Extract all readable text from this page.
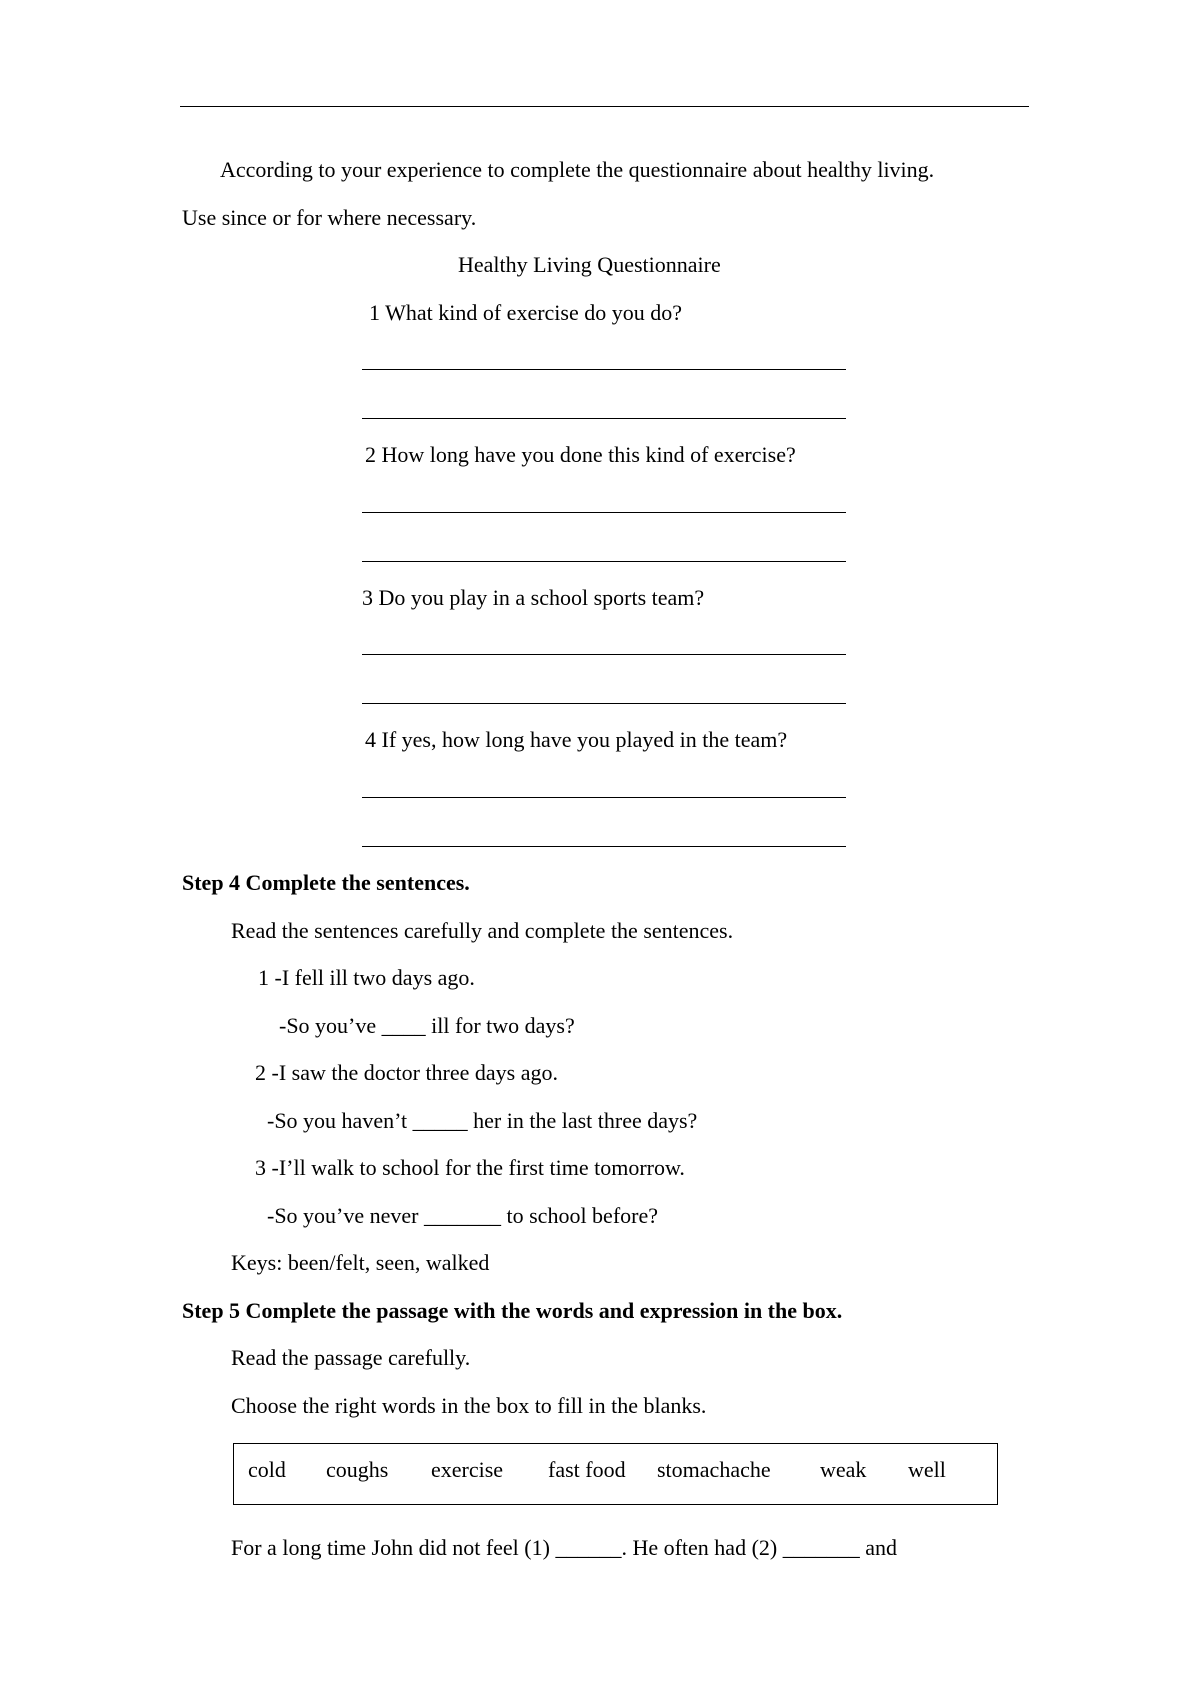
According to your experience to complete the questionnaire about healthy living.
Use since or for where necessary.
Healthy Living Questionnaire
1 What kind of exercise do you do?
2 How long have you done this kind of exercise?
3 Do you play in a school sports team?
4 If yes, how long have you played in the team?
Step 4 Complete the sentences.
Read the sentences carefully and complete the sentences.
1 -I fell ill two days ago.
-So you’ve ____ ill for two days?
2 -I saw the doctor three days ago.
-So you haven’t _____ her in the last three days?
3 -I’ll walk to school for the first time tomorrow.
-So you’ve never _______ to school before?
Keys: been/felt, seen, walked
Step 5 Complete the passage with the words and expression in the box.
Read the passage carefully.
Choose the right words in the box to fill in the blanks.
cold coughs exercise fast food stomachache weak well
For a long time John did not feel (1) ______. He often had (2) _______ and
